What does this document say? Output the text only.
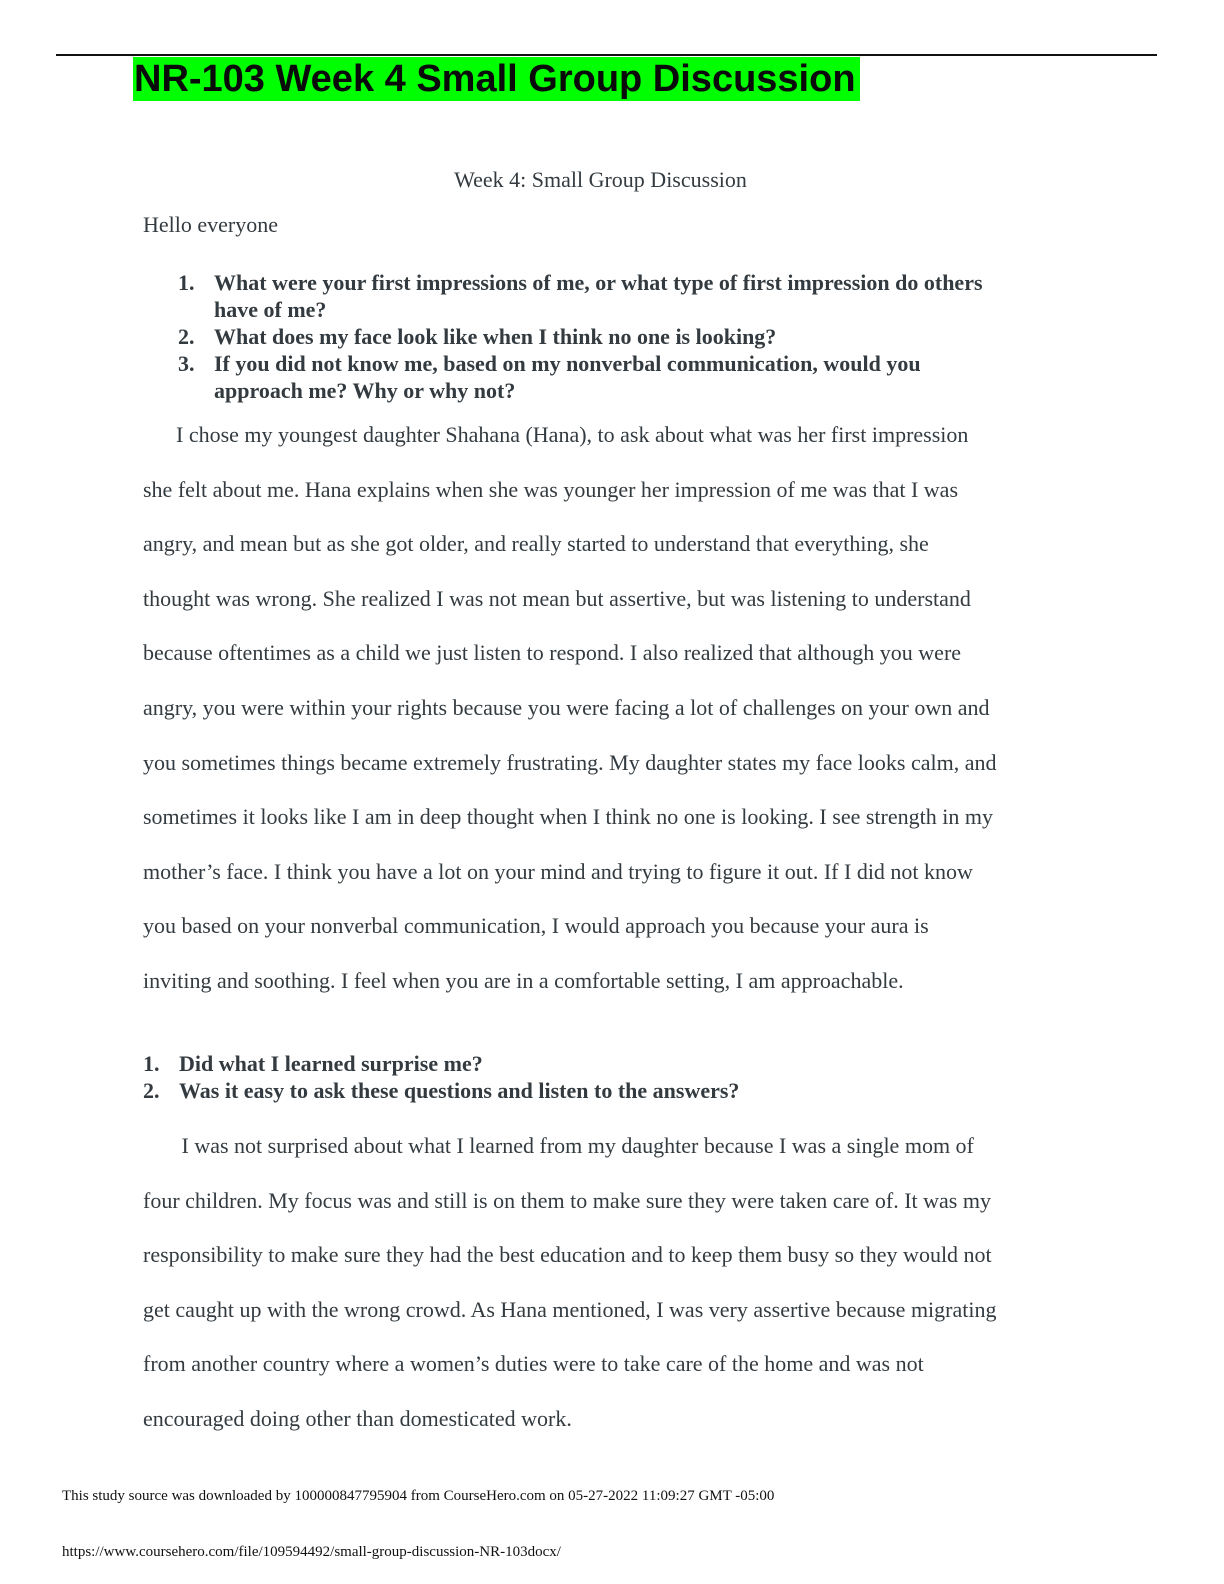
NR-103 Week 4 Small Group Discussion
Week 4: Small Group Discussion
Hello everyone
1. What were your first impressions of me, or what type of first impression do others
have of me?
2. What does my face look like when I think no one is looking?
3. If you did not know me, based on my nonverbal communication, would you
approach me? Why or why not?

I chose my youngest daughter Shahana (Hana), to ask about what was her first impression

she felt about me. Hana explains when she was younger her impression of me was that I was

angry, and mean but as she got older, and really started to understand that everything, she

thought was wrong. She realized I was not mean but assertive, but was listening to understand

because oftentimes as a child we just listen to respond. I also realized that although you were

angry, you were within your rights because you were facing a lot of challenges on your own and

you sometimes things became extremely frustrating. My daughter states my face looks calm, and

sometimes it looks like I am in deep thought when I think no one is looking. I see strength in my

mother’s face. I think you have a lot on your mind and trying to figure it out. If I did not know

you based on your nonverbal communication, I would approach you because your aura is

inviting and soothing. I feel when you are in a comfortable setting, I am approachable.

1. Did what I learned surprise me?
2. Was it easy to ask these questions and listen to the answers?

I was not surprised about what I learned from my daughter because I was a single mom of

four children. My focus was and still is on them to make sure they were taken care of. It was my

responsibility to make sure they had the best education and to keep them busy so they would not

get caught up with the wrong crowd. As Hana mentioned, I was very assertive because migrating

from another country where a women’s duties were to take care of the home and was not

encouraged doing other than domesticated work.

This study source was downloaded by 100000847795904 from CourseHero.com on 05-27-2022 11:09:27 GMT -05:00
https://www.coursehero.com/file/109594492/small-group-discussion-NR-103docx/
